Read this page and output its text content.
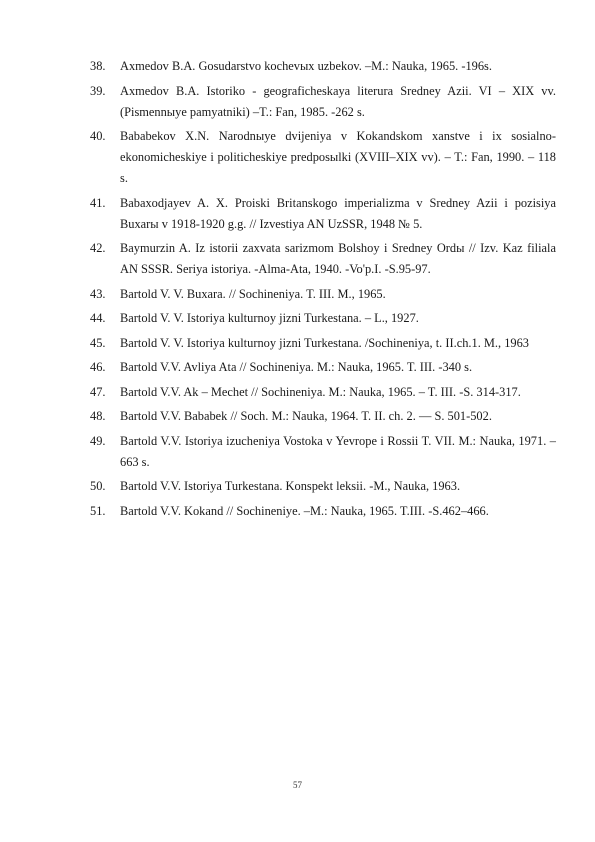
38. Axmedov B.A. Gosudarstvo kochevых uzbekov. –M.: Nauka, 1965. -196s.
39. Axmedov B.A. Istoriko - geograficheskaya literura Sredney Azii. VI – XIX vv. (Pismennыye pamyatniki) –T.: Fan, 1985. -262 s.
40. Bababekov X.N. Narodnыye dvijeniya v Kokandskom xanstve i ix sosialno-ekonomicheskiye i politicheskiye predposыlki (XVIII–XIX vv). – T.: Fan, 1990. – 118 s.
41. Babaxodjayev A. X. Proiski Britanskogo imperializma v Sredney Azii i pozisiya Buxarы v 1918-1920 g.g. // Izvestiya AN UzSSR, 1948 № 5.
42. Baymurzin A. Iz istorii zaxvata sarizmom Bolshoy i Sredney Ordы // Izv. Kaz filiala AN SSSR. Seriya istoriya. -Alma-Ata, 1940. -Vo'p.I. -S.95-97.
43. Bartold V. V. Buxara. // Sochineniya. T. III. M., 1965.
44. Bartold V. V. Istoriya kulturnoy jizni Turkestana. – L., 1927.
45. Bartold V. V. Istoriya kulturnoy jizni Turkestana. /Sochineniya, t. II.ch.1. M., 1963
46. Bartold V.V. Avliya Ata // Sochineniya. M.: Nauka, 1965. T. III. -340 s.
47. Bartold V.V. Ak – Mechet // Sochineniya. M.: Nauka, 1965. – T. III. -S. 314-317.
48. Bartold V.V. Bababek // Soch. M.: Nauka, 1964. T. II. ch. 2. — S. 501-502.
49. Bartold V.V. Istoriya izucheniya Vostoka v Yevrope i Rossii T. VII. M.: Nauka, 1971. – 663 s.
50. Bartold V.V. Istoriya Turkestana. Konspekt leksii. -M., Nauka, 1963.
51. Bartold V.V. Kokand // Sochineniye. –M.: Nauka, 1965. T.III. -S.462–466.
57
